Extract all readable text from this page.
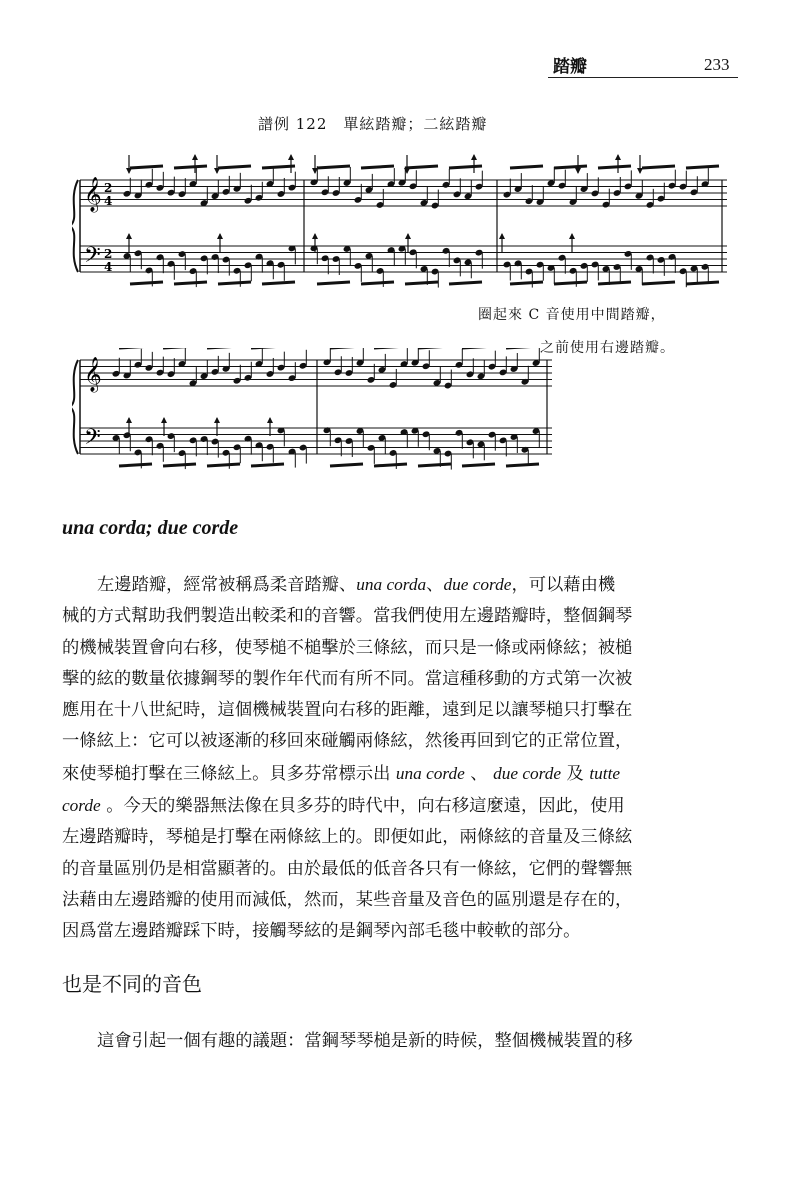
踏瓣	233
譜例 122　單絃踏瓣；二絃踏瓣
𝄞
𝄢
2
4
2
4
圈起來 C 音使用中間踏瓣，
之前使用右邊踏瓣。
𝄞
𝄢
una corda; due corde
左邊踏瓣，經常被稱爲柔音踏瓣、una corda、due corde，可以藉由機
械的方式幫助我們製造出較柔和的音響。當我們使用左邊踏瓣時，整個鋼琴
的機械裝置會向右移，使琴槌不槌擊於三條絃，而只是一條或兩條絃；被槌
擊的絃的數量依據鋼琴的製作年代而有所不同。當這種移動的方式第一次被
應用在十八世紀時，這個機械裝置向右移的距離，遠到足以讓琴槌只打擊在
一條絃上：它可以被逐漸的移回來碰觸兩條絃，然後再回到它的正常位置，
來使琴槌打擊在三條絃上。貝多芬常標示出 una corde 、 due corde 及 tutte
corde 。今天的樂器無法像在貝多芬的時代中，向右移這麼遠，因此，使用
左邊踏瓣時，琴槌是打擊在兩條絃上的。即便如此，兩條絃的音量及三條絃
的音量區別仍是相當顯著的。由於最低的低音各只有一條絃，它們的聲響無
法藉由左邊踏瓣的使用而減低，然而，某些音量及音色的區別還是存在的，
因爲當左邊踏瓣踩下時，接觸琴絃的是鋼琴內部毛毯中較軟的部分。
也是不同的音色
這會引起一個有趣的議題：當鋼琴琴槌是新的時候，整個機械裝置的移
